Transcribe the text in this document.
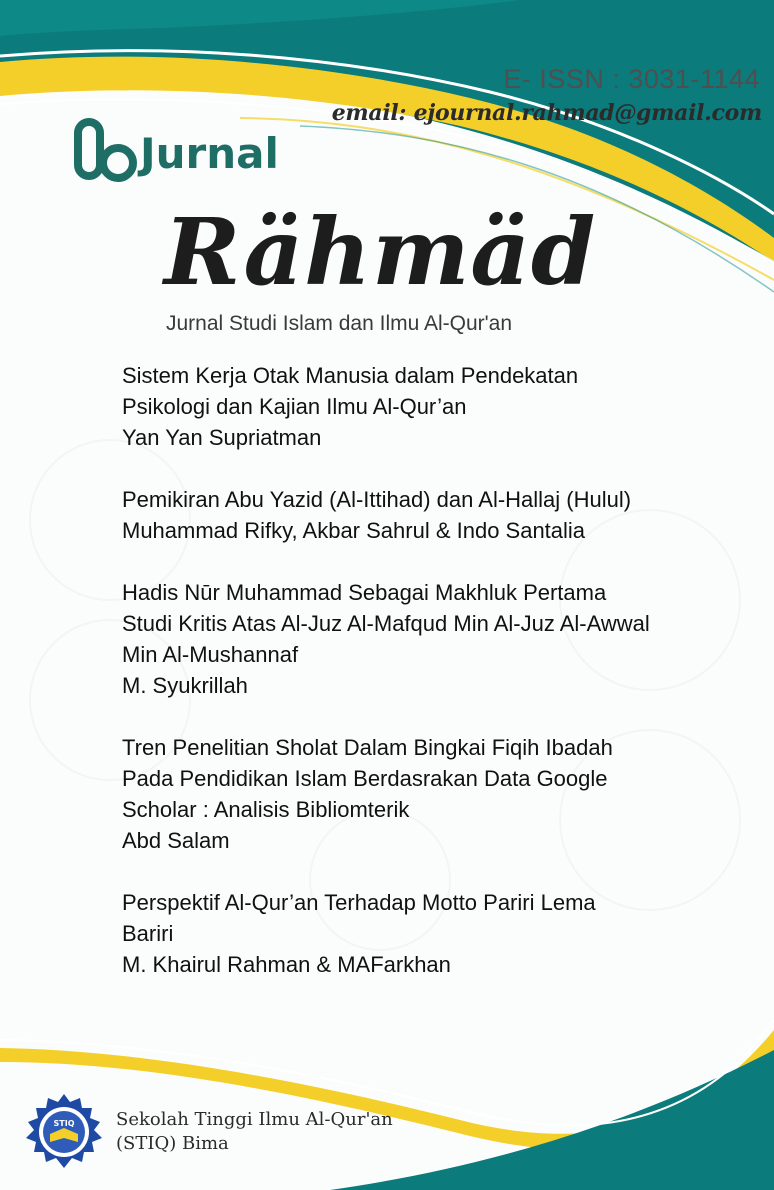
E- ISSN : 3031-1144
email: ejournal.rahmad@gmail.com
Jurnal
Rähmäd
Jurnal Studi Islam dan Ilmu Al-Qur'an
Sistem Kerja Otak Manusia dalam Pendekatan
Psikologi dan Kajian Ilmu Al-Qur’an
Yan Yan Supriatman
Pemikiran Abu Yazid (Al-Ittihad) dan Al-Hallaj (Hulul)
Muhammad Rifky, Akbar Sahrul & Indo Santalia
Hadis Nūr Muhammad Sebagai Makhluk Pertama
Studi Kritis Atas Al-Juz Al-Mafqud Min Al-Juz Al-Awwal
Min Al-Mushannaf
M. Syukrillah
Tren Penelitian Sholat Dalam Bingkai Fiqih Ibadah
Pada Pendidikan Islam Berdasrakan Data Google
Scholar : Analisis Bibliomterik
Abd Salam
Perspektif Al-Qur’an Terhadap Motto Pariri Lema
Bariri
M. Khairul Rahman & MAFarkhan
STIQ Sekolah Tinggi Ilmu Al-Qur'an
(STIQ) Bima
